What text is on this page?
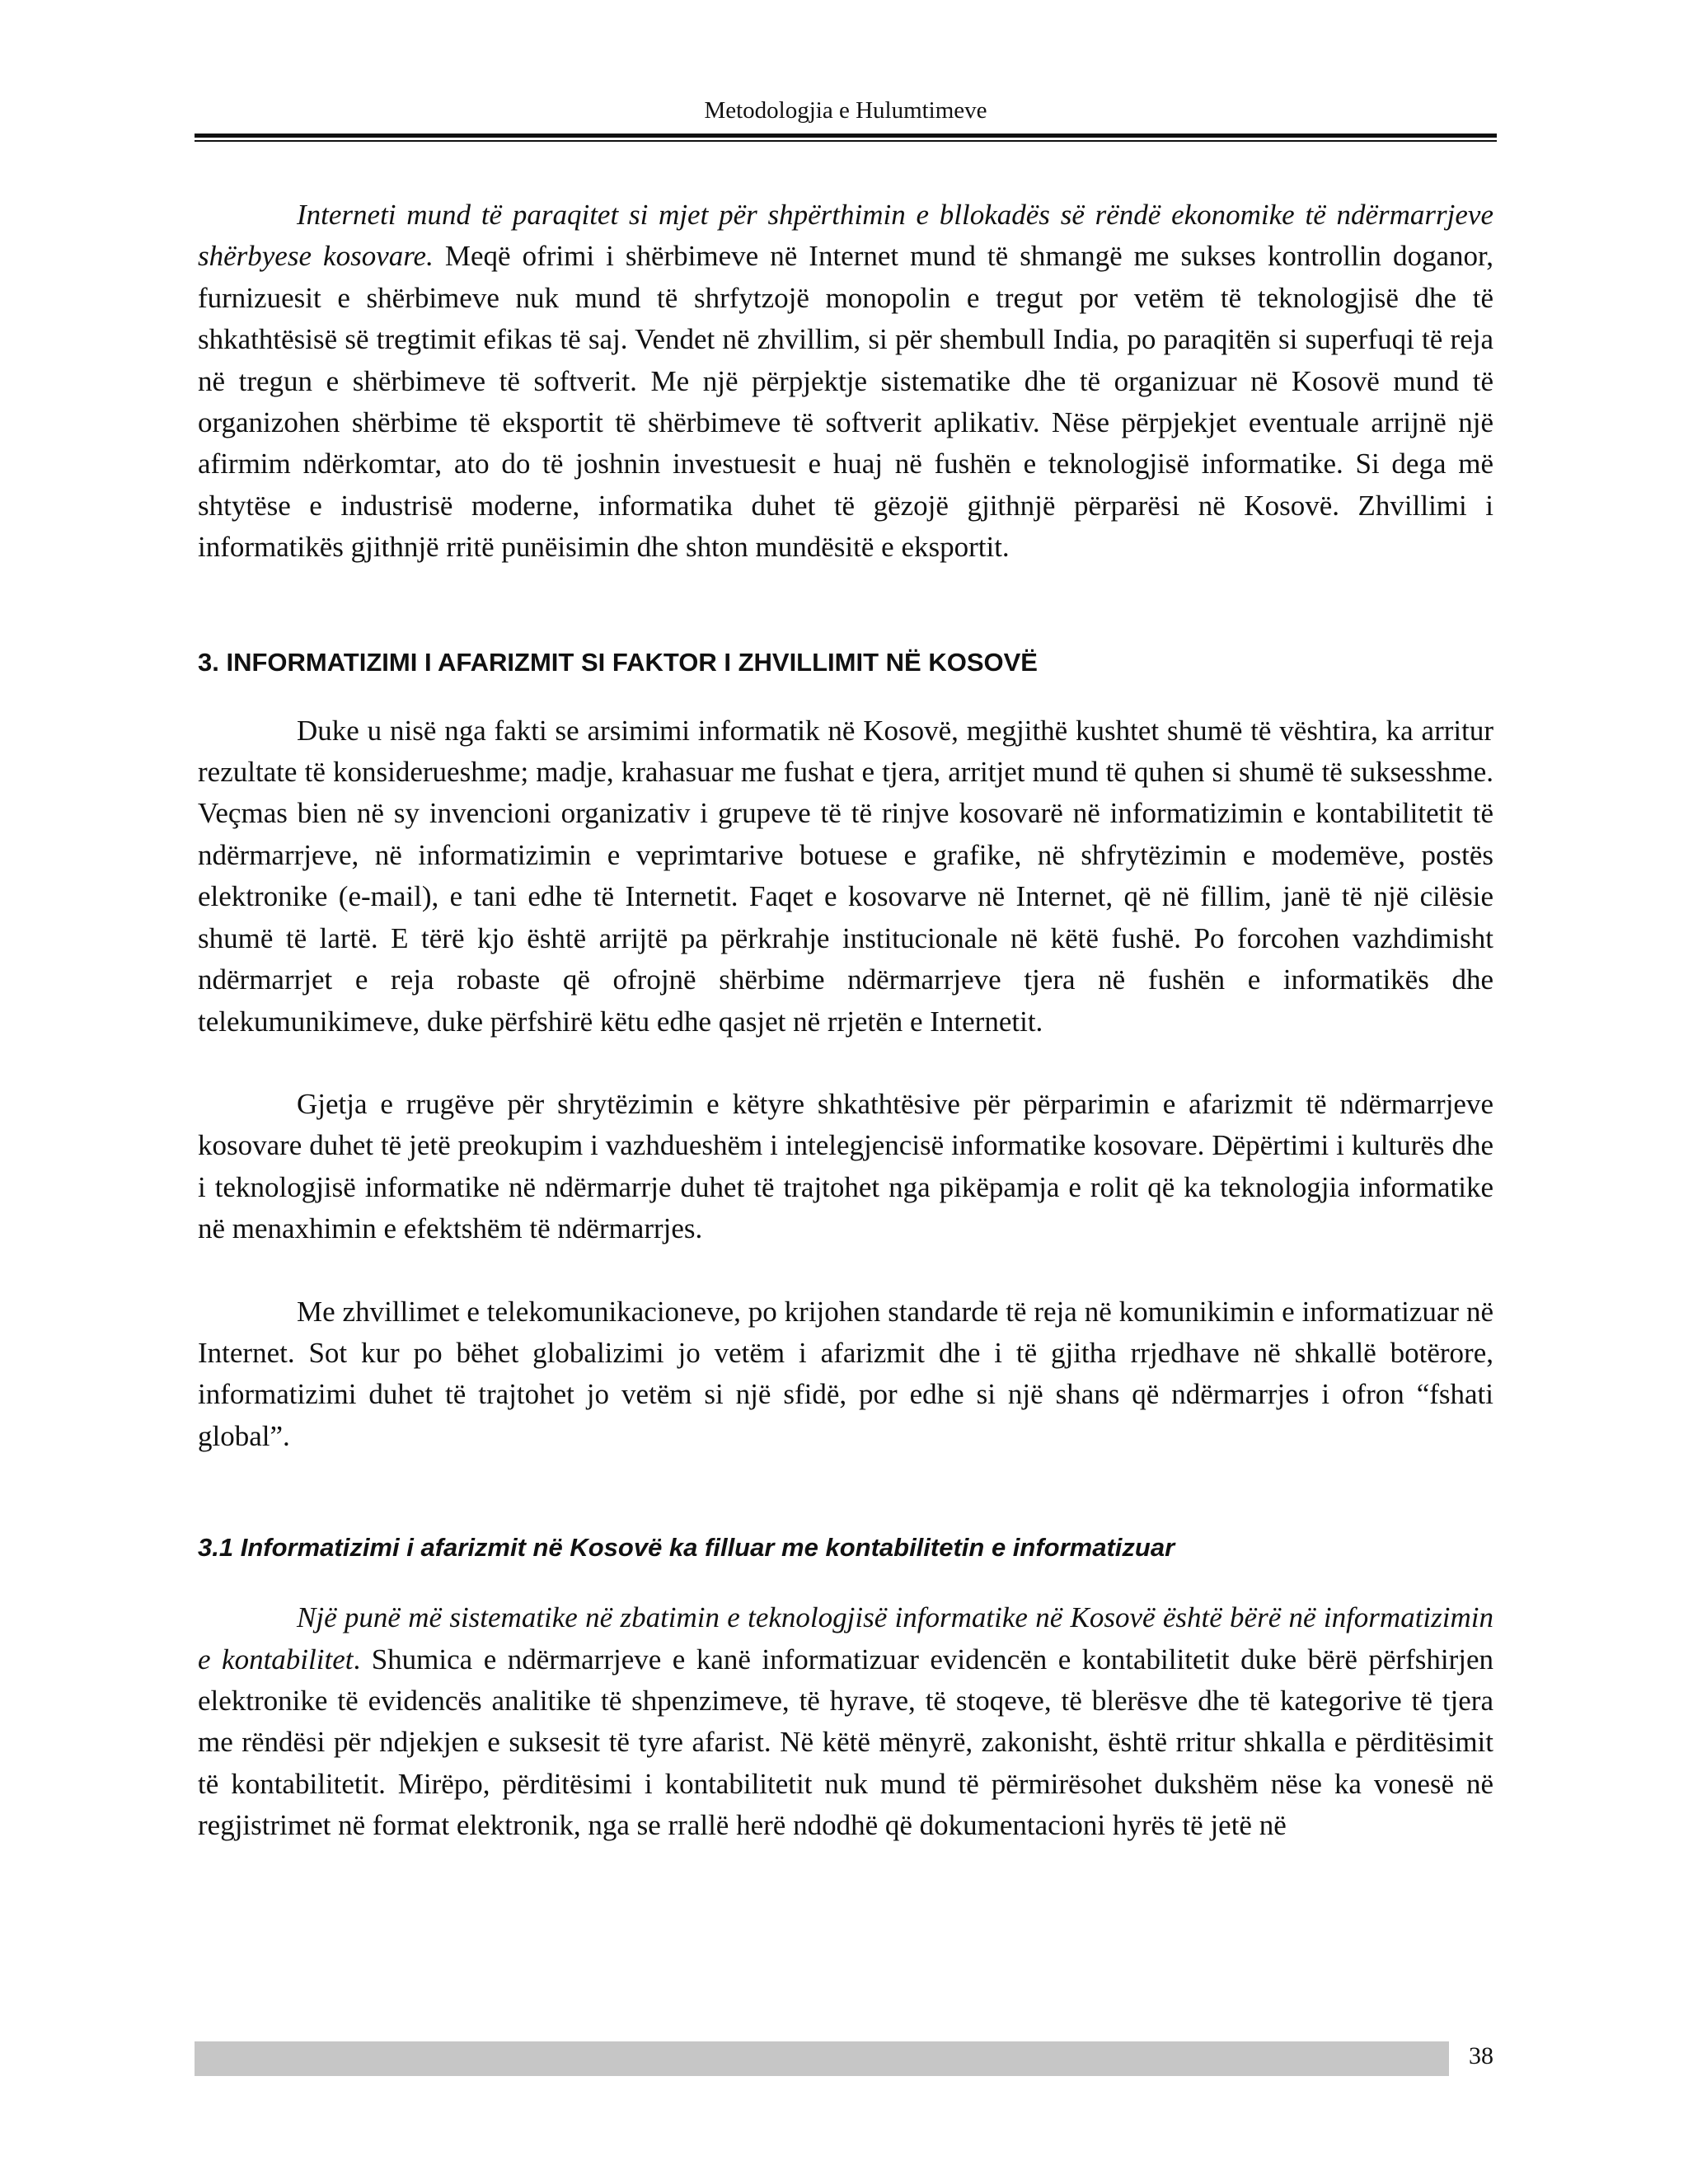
Metodologjia e Hulumtimeve

Interneti mund të paraqitet si mjet për shpërthimin e bllokadës së rëndë ekonomike të ndërmarrjeve shërbyese kosovare. Meqë ofrimi i shërbimeve në Internet mund të shmangë me sukses kontrollin doganor, furnizuesit e shërbimeve nuk mund të shrfytzojë monopolin e tregut por vetëm të teknologjisë dhe të shkathtësisë së tregtimit efikas të saj. Vendet në zhvillim, si për shembull India, po paraqitën si superfuqi të reja në tregun e shërbimeve të softverit. Me një përpjektje sistematike dhe të organizuar në Kosovë mund të organizohen shërbime të eksportit të shërbimeve të softverit aplikativ. Nëse përpjekjet eventuale arrijnë një afirmim ndërkomtar, ato do të joshnin investuesit e huaj në fushën e teknologjisë informatike. Si dega më shtytëse e industrisë moderne, informatika duhet të gëzojë gjithnjë përparësi në Kosovë. Zhvillimi i informatikës gjithnjë rritë punëisimin dhe shton mundësitë e eksportit.

3. INFORMATIZIMI I AFARIZMIT SI FAKTOR I ZHVILLIMIT NË KOSOVË

Duke u nisë nga fakti se arsimimi informatik në Kosovë, megjithë kushtet shumë të vështira, ka arritur rezultate të konsiderueshme; madje, krahasuar me fushat e tjera, arritjet mund të quhen si shumë të suksesshme. Veçmas bien në sy invencioni organizativ i grupeve të të rinjve kosovarë në informatizimin e kontabilitetit të ndërmarrjeve, në informatizimin e veprimtarive botuese e grafike, në shfrytëzimin e modemëve, postës elektronike (e-mail), e tani edhe të Internetit. Faqet e kosovarve në Internet, që në fillim, janë të një cilësie shumë të lartë. E tërë kjo është arrijtë pa përkrahje institucionale në këtë fushë. Po forcohen vazhdimisht ndërmarrjet e reja robaste që ofrojnë shërbime ndërmarrjeve tjera në fushën e informatikës dhe telekumunikimeve, duke përfshirë këtu edhe qasjet në rrjetën e Internetit.

Gjetja e rrugëve për shrytëzimin e këtyre shkathtësive për përparimin e afarizmit të ndërmarrjeve kosovare duhet të jetë preokupim i vazhdueshëm i intelegjencisë informatike kosovare. Dëpërtimi i kulturës dhe i teknologjisë informatike në ndërmarrje duhet të trajtohet nga pikëpamja e rolit që ka teknologjia informatike në menaxhimin e efektshëm të ndërmarrjes.

Me zhvillimet e telekomunikacioneve, po krijohen standarde të reja në komunikimin e informatizuar në Internet. Sot kur po bëhet globalizimi jo vetëm i afarizmit dhe i të gjitha rrjedhave në shkallë botërore, informatizimi duhet të trajtohet jo vetëm si një sfidë, por edhe si një shans që ndërmarrjes i ofron “fshati global”.

3.1 Informatizimi i afarizmit në Kosovë ka filluar me kontabilitetin e informatizuar

Një punë më sistematike në zbatimin e teknologjisë informatike në Kosovë është bërë në informatizimin e kontabilitet. Shumica e ndërmarrjeve e kanë informatizuar evidencën e kontabilitetit duke bërë përfshirjen elektronike të evidencës analitike të shpenzimeve, të hyrave, të stoqeve, të blerësve dhe të kategorive të tjera me rëndësi për ndjekjen e suksesit të tyre afarist. Në këtë mënyrë, zakonisht, është rritur shkalla e përditësimit të kontabilitetit. Mirëpo, përditësimi i kontabilitetit nuk mund të përmirësohet dukshëm nëse ka vonesë në regjistrimet në format elektronik, nga se rrallë herë ndodhë që dokumentacioni hyrës të jetë në

38
